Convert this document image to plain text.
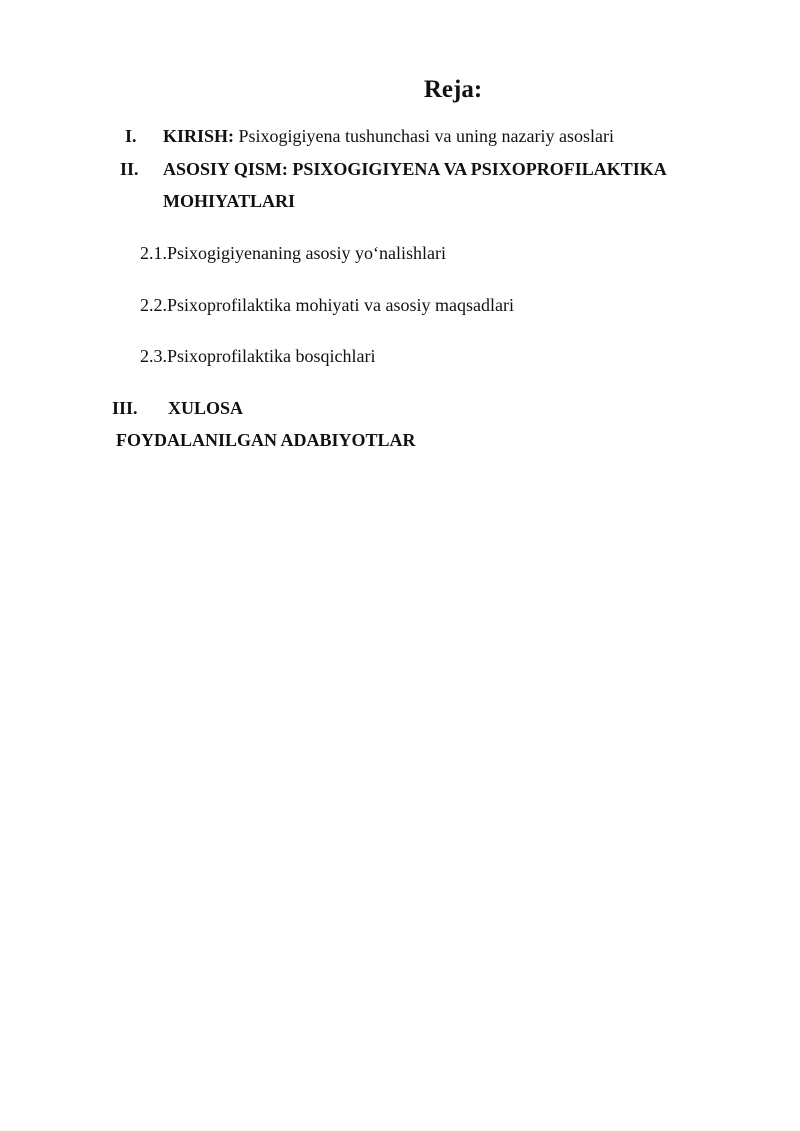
Reja:
I. KIRISH: Psixogigiyena tushunchasi va uning nazariy asoslari

II. ASOSIY QISM: PSIXOGIGIYENA VA PSIXOPROFILAKTIKA

MOHIYATLARI

2.1.Psixogigiyenaning asosiy yo‘nalishlari

2.2.Psixoprofilaktika mohiyati va asosiy maqsadlari

2.3.Psixoprofilaktika bosqichlari

III. XULOSA

FOYDALANILGAN ADABIYOTLAR
